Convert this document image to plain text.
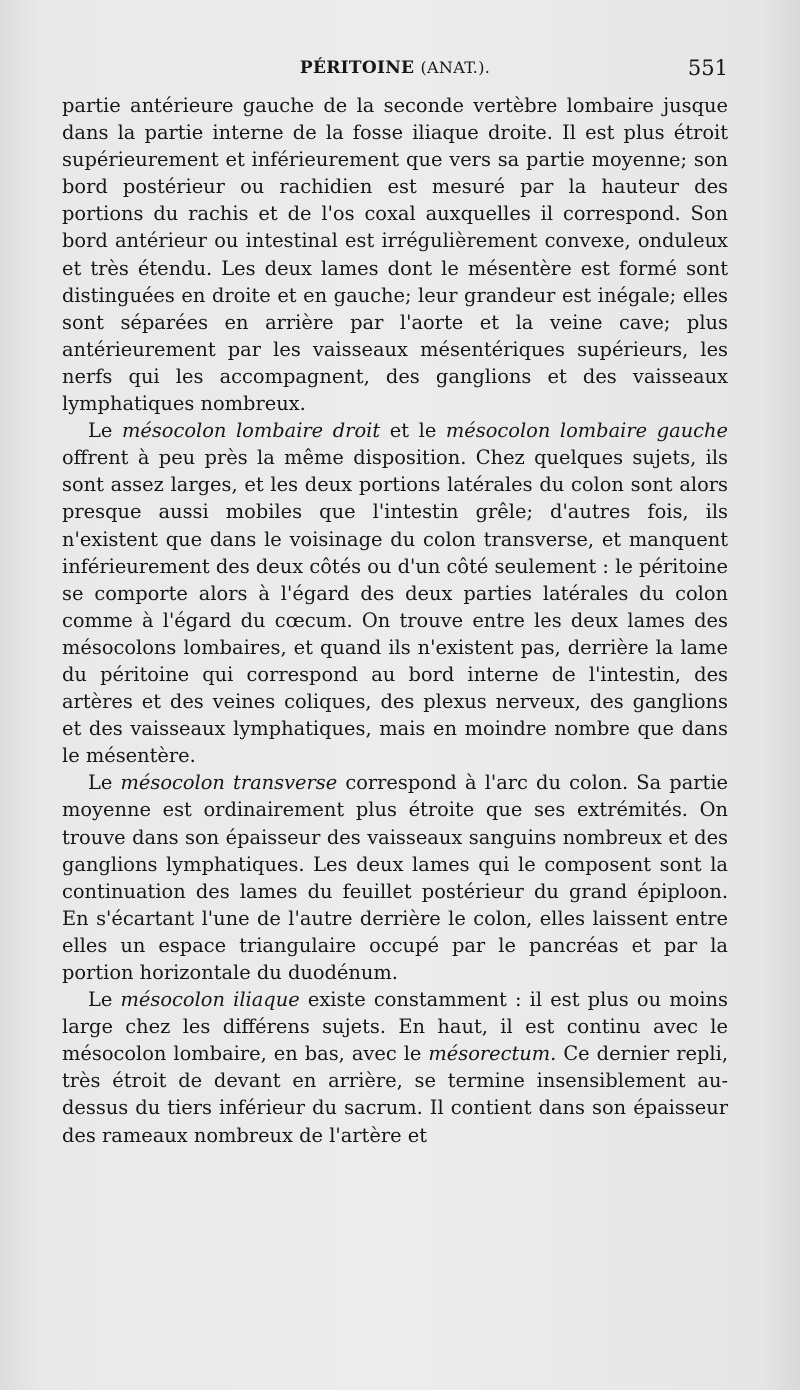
PÉRITOINE (ANAT.).	551

partie antérieure gauche de la seconde vertèbre lombaire jusque dans la partie interne de la fosse iliaque droite. Il est plus étroit supérieurement et inférieurement que vers sa partie moyenne; son bord postérieur ou rachidien est mesuré par la hauteur des portions du rachis et de l'os coxal auxquelles il correspond. Son bord antérieur ou intestinal est irrégulièrement convexe, onduleux et très étendu. Les deux lames dont le mésentère est formé sont distinguées en droite et en gauche; leur grandeur est inégale; elles sont séparées en arrière par l'aorte et la veine cave; plus antérieurement par les vaisseaux mésentériques supérieurs, les nerfs qui les accompagnent, des ganglions et des vaisseaux lymphatiques nombreux.

Le mésocolon lombaire droit et le mésocolon lombaire gauche offrent à peu près la même disposition. Chez quelques sujets, ils sont assez larges, et les deux portions latérales du colon sont alors presque aussi mobiles que l'intestin grêle; d'autres fois, ils n'existent que dans le voisinage du colon transverse, et manquent inférieurement des deux côtés ou d'un côté seulement : le péritoine se comporte alors à l'égard des deux parties latérales du colon comme à l'égard du cœcum. On trouve entre les deux lames des mésocolons lombaires, et quand ils n'existent pas, derrière la lame du péritoine qui correspond au bord interne de l'intestin, des artères et des veines coliques, des plexus nerveux, des ganglions et des vaisseaux lymphatiques, mais en moindre nombre que dans le mésentère.

Le mésocolon transverse correspond à l'arc du colon. Sa partie moyenne est ordinairement plus étroite que ses extrémités. On trouve dans son épaisseur des vaisseaux sanguins nombreux et des ganglions lymphatiques. Les deux lames qui le composent sont la continuation des lames du feuillet postérieur du grand épiploon. En s'écartant l'une de l'autre derrière le colon, elles laissent entre elles un espace triangulaire occupé par le pancréas et par la portion horizontale du duodénum.

Le mésocolon iliaque existe constamment : il est plus ou moins large chez les différens sujets. En haut, il est continu avec le mésocolon lombaire, en bas, avec le mésorectum. Ce dernier repli, très étroit de devant en arrière, se termine insensiblement au-dessus du tiers inférieur du sacrum. Il contient dans son épaisseur des rameaux nombreux de l'artère et
